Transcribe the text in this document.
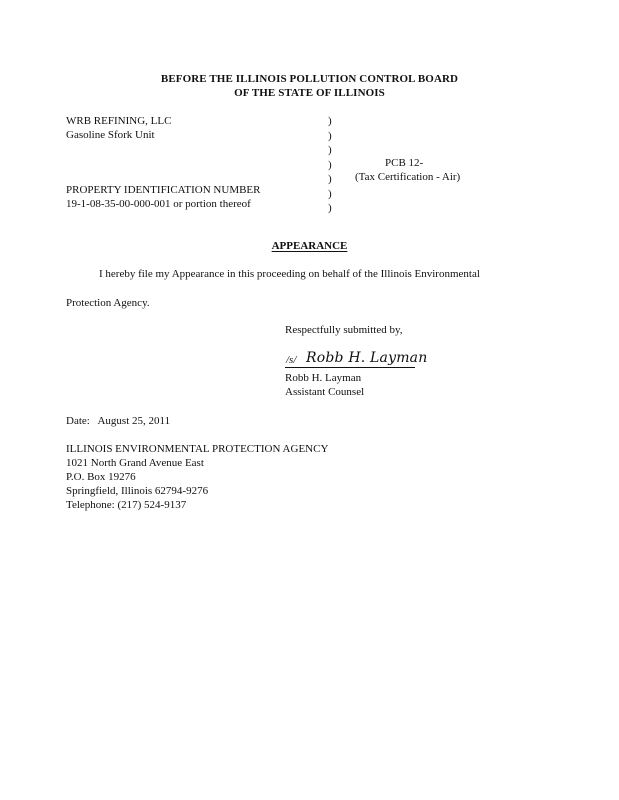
BEFORE THE ILLINOIS POLLUTION CONTROL BOARD
OF THE STATE OF ILLINOIS
WRB REFINING, LLC
Gasoline Sfork Unit
PROPERTY IDENTIFICATION NUMBER
19-1-08-35-00-000-001 or portion thereof
)
)
)
)
)
)
)
PCB 12-
(Tax Certification - Air)
APPEARANCE
I hereby file my Appearance in this proceeding on behalf of the Illinois Environmental
Protection Agency.
Respectfully submitted by,
/s/ Robb H. Layman
Robb H. Layman
Assistant Counsel
Date:   August 25, 2011
ILLINOIS ENVIRONMENTAL PROTECTION AGENCY
1021 North Grand Avenue East
P.O. Box 19276
Springfield, Illinois 62794-9276
Telephone: (217) 524-9137
